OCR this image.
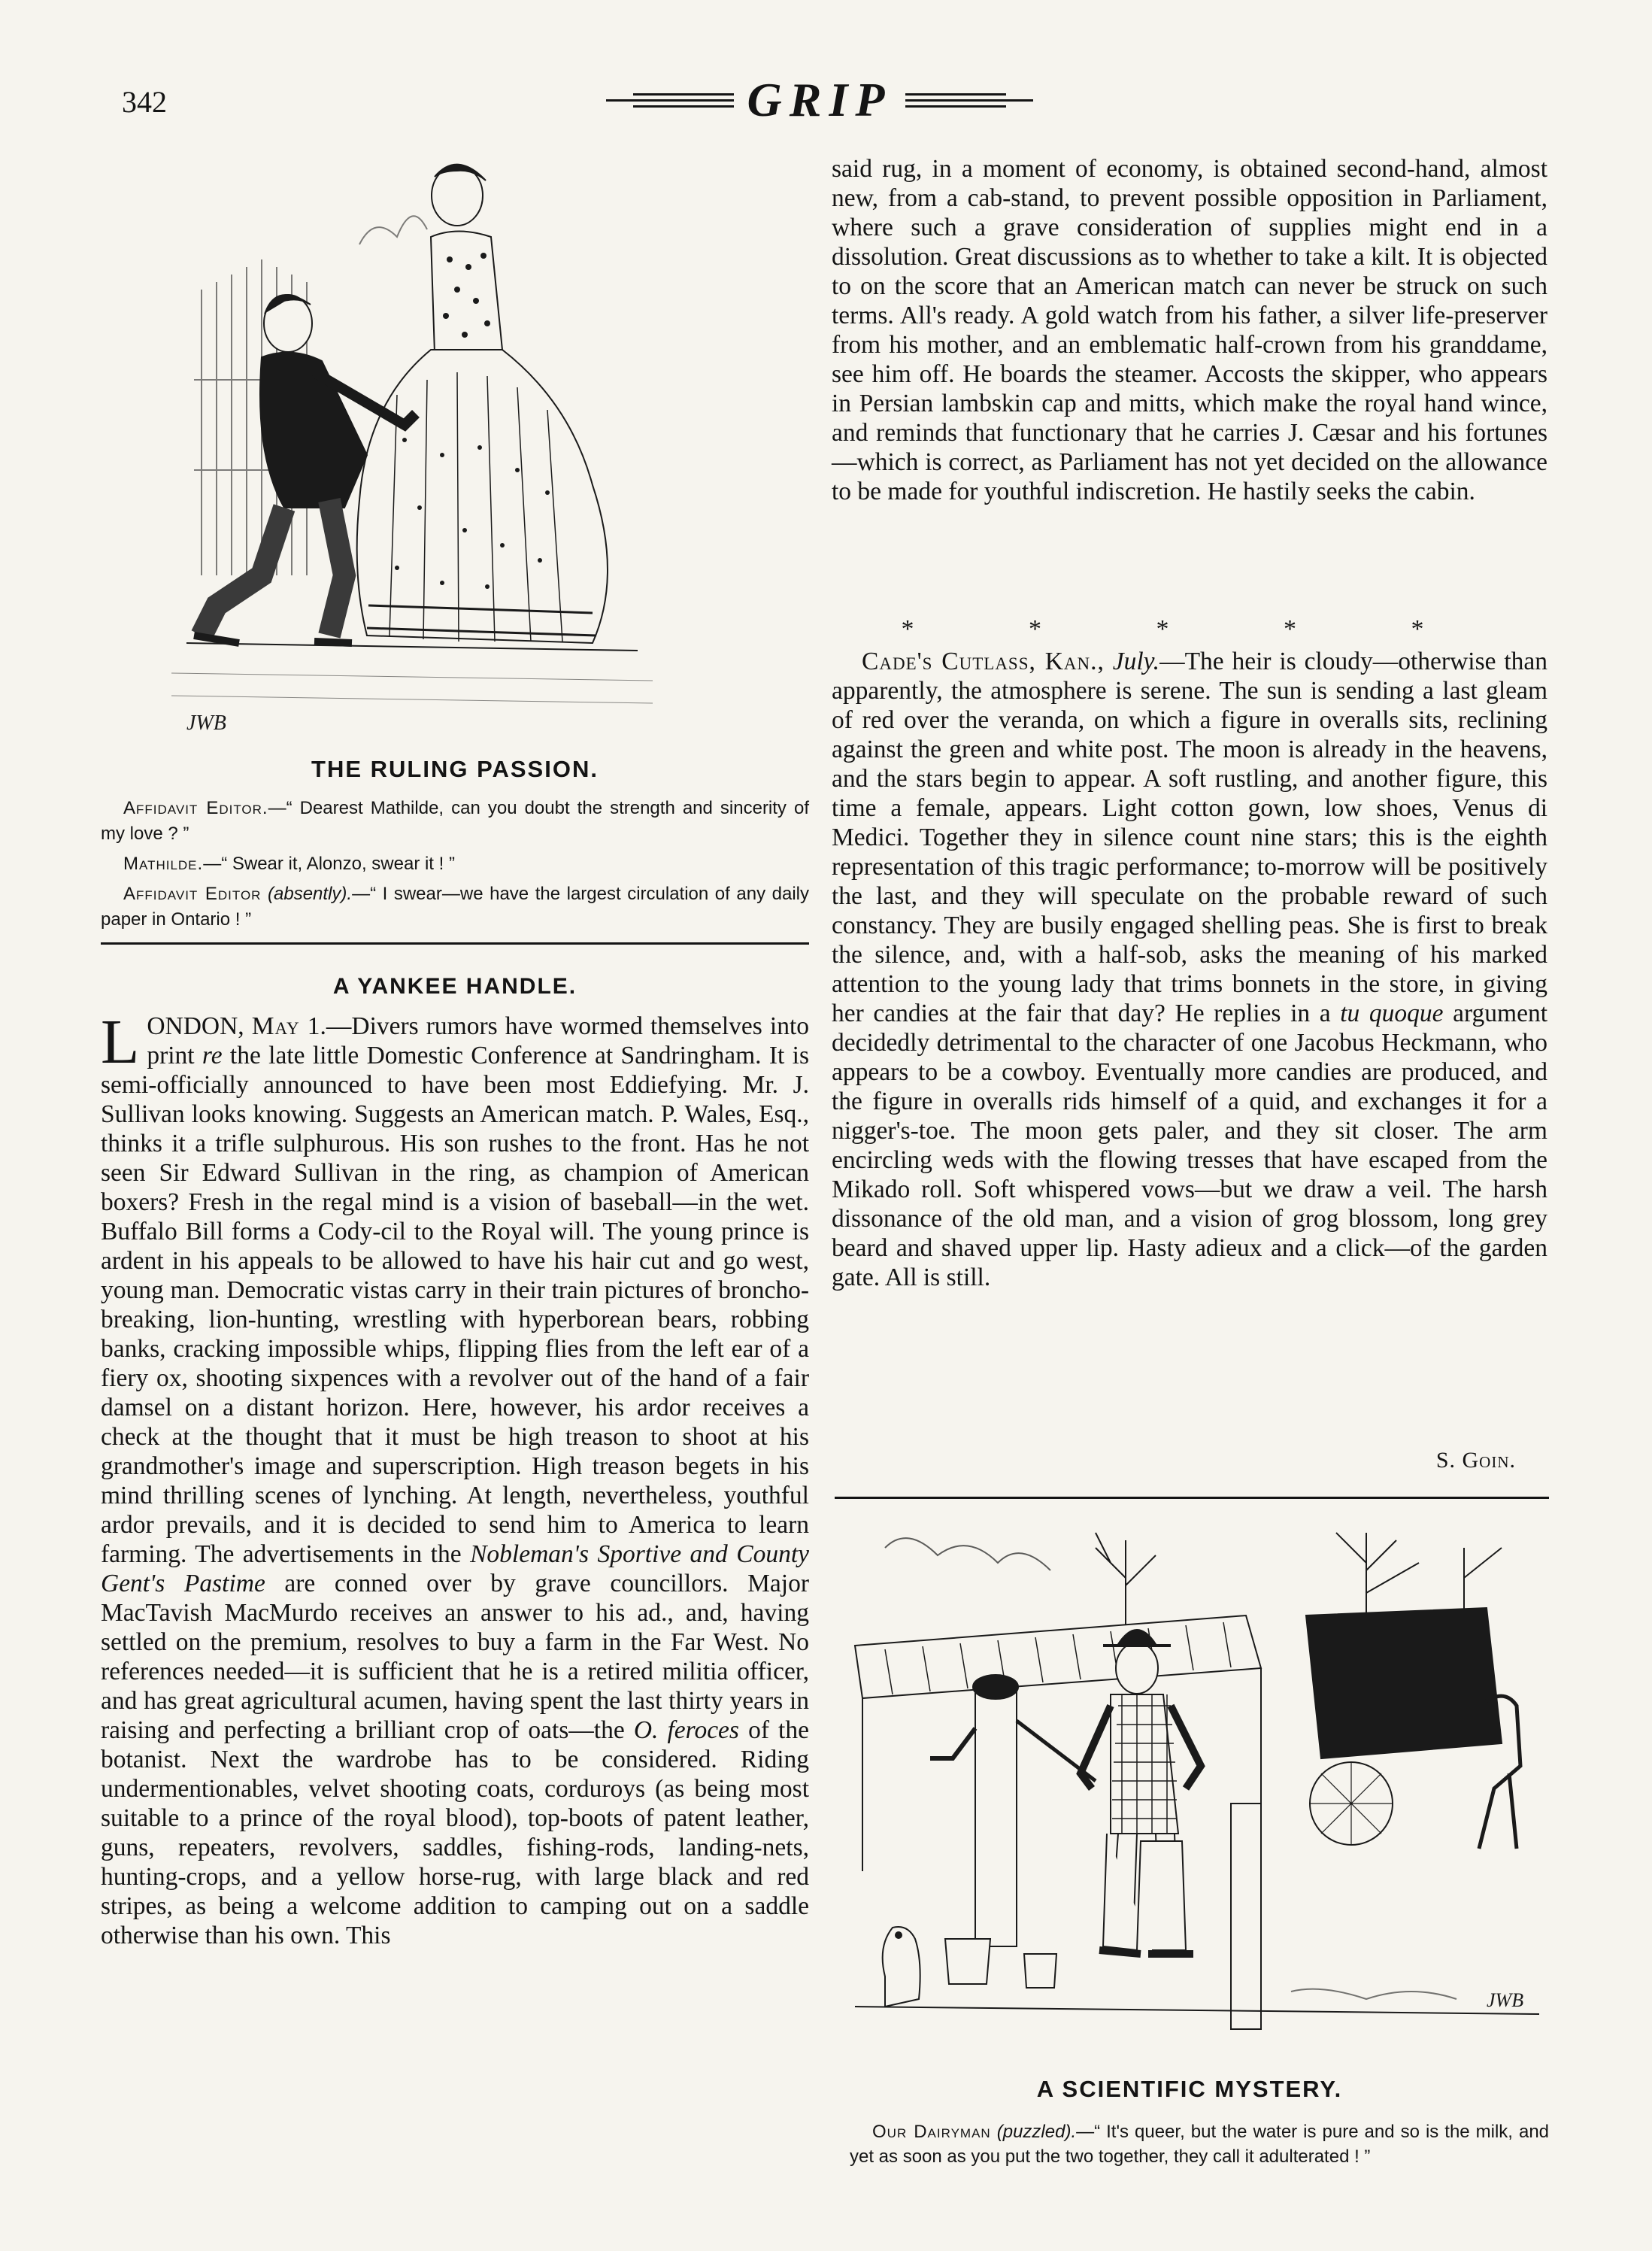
342	GRIP
JWB
THE RULING PASSION.

Affidavit Editor.—“ Dearest Mathilde, can you doubt the strength and sincerity of my love ? ”

Mathilde.—“ Swear it, Alonzo, swear it ! ”

Affidavit Editor (absently).—“ I swear—we have the largest circulation of any daily paper in Ontario ! ”

A YANKEE HANDLE.

LONDON, May 1.—Divers rumors have wormed themselves into print re the late little Domestic Conference at Sandringham. It is semi-officially announced to have been most Eddiefying. Mr. J. Sullivan looks knowing. Suggests an American match. P. Wales, Esq., thinks it a trifle sulphurous. His son rushes to the front. Has he not seen Sir Edward Sullivan in the ring, as champion of American boxers? Fresh in the regal mind is a vision of baseball—in the wet. Buffalo Bill forms a Cody-cil to the Royal will. The young prince is ardent in his appeals to be allowed to have his hair cut and go west, young man. Democratic vistas carry in their train pictures of broncho-breaking, lion-hunting, wrestling with hyperborean bears, robbing banks, cracking impossible whips, flipping flies from the left ear of a fiery ox, shooting sixpences with a revolver out of the hand of a fair damsel on a distant horizon. Here, however, his ardor receives a check at the thought that it must be high treason to shoot at his grandmother's image and superscription. High treason begets in his mind thrilling scenes of lynching. At length, nevertheless, youthful ardor prevails, and it is decided to send him to America to learn farming. The advertisements in the Nobleman's Sportive and County Gent's Pastime are conned over by grave councillors. Major MacTavish MacMurdo receives an answer to his ad., and, having settled on the premium, resolves to buy a farm in the Far West. No references needed—it is sufficient that he is a retired militia officer, and has great agricultural acumen, having spent the last thirty years in raising and perfecting a brilliant crop of oats—the O. feroces of the botanist. Next the wardrobe has to be considered. Riding undermentionables, velvet shooting coats, corduroys (as being most suitable to a prince of the royal blood), top-boots of patent leather, guns, repeaters, revolvers, saddles, fishing-rods, landing-nets, hunting-crops, and a yellow horse-rug, with large black and red stripes, as being a welcome addition to camping out on a saddle otherwise than his own. This

said rug, in a moment of economy, is obtained second-hand, almost new, from a cab-stand, to prevent possible opposition in Parliament, where such a grave consideration of supplies might end in a dissolution. Great discussions as to whether to take a kilt. It is objected to on the score that an American match can never be struck on such terms. All's ready. A gold watch from his father, a silver life-preserver from his mother, and an emblematic half-crown from his granddame, see him off. He boards the steamer. Accosts the skipper, who appears in Persian lambskin cap and mitts, which make the royal hand wince, and reminds that functionary that he carries J. Cæsar and his fortunes—which is correct, as Parliament has not yet decided on the allowance to be made for youthful indiscretion. He hastily seeks the cabin.
* * * * *
Cade's Cutlass, Kan., July.—The heir is cloudy—otherwise than apparently, the atmosphere is serene. The sun is sending a last gleam of red over the veranda, on which a figure in overalls sits, reclining against the green and white post. The moon is already in the heavens, and the stars begin to appear. A soft rustling, and another figure, this time a female, appears. Light cotton gown, low shoes, Venus di Medici. Together they in silence count nine stars; this is the eighth representation of this tragic performance; to-morrow will be positively the last, and they will speculate on the probable reward of such constancy. They are busily engaged shelling peas. She is first to break the silence, and, with a half-sob, asks the meaning of his marked attention to the young lady that trims bonnets in the store, in giving her candies at the fair that day? He replies in a tu quoque argument decidedly detrimental to the character of one Jacobus Heckmann, who appears to be a cowboy. Eventually more candies are produced, and the figure in overalls rids himself of a quid, and exchanges it for a nigger's-toe. The moon gets paler, and they sit closer. The arm encircling weds with the flowing tresses that have escaped from the Mikado roll. Soft whispered vows—but we draw a veil. The harsh dissonance of the old man, and a vision of grog blossom, long grey beard and shaved upper lip. Hasty adieux and a click—of the garden gate. All is still.
S. Goin.
JWB
A SCIENTIFIC MYSTERY.
Our Dairyman (puzzled).—“ It's queer, but the water is pure and so is the milk, and yet as soon as you put the two together, they call it adulterated ! ”
